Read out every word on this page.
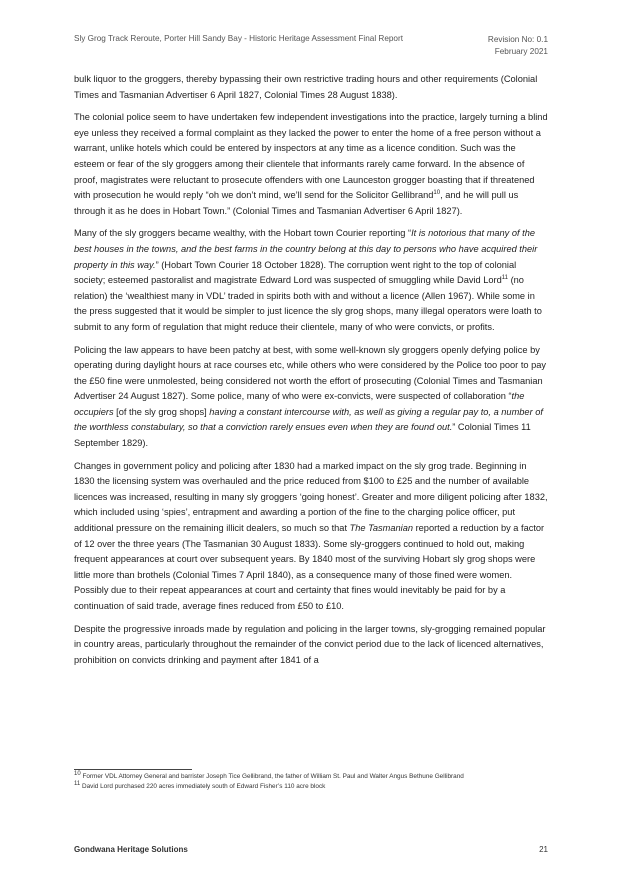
Sly Grog Track Reroute, Porter Hill Sandy Bay - Historic Heritage Assessment Final Report	Revision No: 0.1
February 2021

bulk liquor to the groggers, thereby bypassing their own restrictive trading hours and other requirements (Colonial Times and Tasmanian Advertiser 6 April 1827, Colonial Times 28 August 1838).

The colonial police seem to have undertaken few independent investigations into the practice, largely turning a blind eye unless they received a formal complaint as they lacked the power to enter the home of a free person without a warrant, unlike hotels which could be entered by inspectors at any time as a licence condition. Such was the esteem or fear of the sly groggers among their clientele that informants rarely came forward. In the absence of proof, magistrates were reluctant to prosecute offenders with one Launceston grogger boasting that if threatened with prosecution he would reply “oh we don’t mind, we’ll send for the Solicitor Gellibrand$^{10}$, and he will pull us through it as he does in Hobart Town.” (Colonial Times and Tasmanian Advertiser 6 April 1827).

Many of the sly groggers became wealthy, with the Hobart town Courier reporting “It is notorious that many of the best houses in the towns, and the best farms in the country belong at this day to persons who have acquired their property in this way.” (Hobart Town Courier 18 October 1828). The corruption went right to the top of colonial society; esteemed pastoralist and magistrate Edward Lord was suspected of smuggling while David Lord$^{11}$ (no relation) the ‘wealthiest many in VDL’ traded in spirits both with and without a licence (Allen 1967). While some in the press suggested that it would be simpler to just licence the sly grog shops, many illegal operators were loath to submit to any form of regulation that might reduce their clientele, many of who were convicts, or profits.

Policing the law appears to have been patchy at best, with some well-known sly groggers openly defying police by operating during daylight hours at race courses etc, while others who were considered by the Police too poor to pay the £50 fine were unmolested, being considered not worth the effort of prosecuting (Colonial Times and Tasmanian Advertiser 24 August 1827). Some police, many of who were ex-convicts, were suspected of collaboration “the occupiers [of the sly grog shops] having a constant intercourse with, as well as giving a regular pay to, a number of the worthless constabulary, so that a conviction rarely ensues even when they are found out.” Colonial Times 11 September 1829).

Changes in government policy and policing after 1830 had a marked impact on the sly grog trade. Beginning in 1830 the licensing system was overhauled and the price reduced from $100 to £25 and the number of available licences was increased, resulting in many sly groggers ‘going honest’. Greater and more diligent policing after 1832, which included using ‘spies’, entrapment and awarding a portion of the fine to the charging police officer, put additional pressure on the remaining illicit dealers, so much so that The Tasmanian reported a reduction by a factor of 12 over the three years (The Tasmanian 30 August 1833). Some sly-groggers continued to hold out, making frequent appearances at court over subsequent years. By 1840 most of the surviving Hobart sly grog shops were little more than brothels (Colonial Times 7 April 1840), as a consequence many of those fined were women. Possibly due to their repeat appearances at court and certainty that fines would inevitably be paid for by a continuation of said trade, average fines reduced from £50 to £10.

Despite the progressive inroads made by regulation and policing in the larger towns, sly-grogging remained popular in country areas, particularly throughout the remainder of the convict period due to the lack of licenced alternatives, prohibition on convicts drinking and payment after 1841 of a

$^{10}$ Former VDL Attorney General and barrister Joseph Tice Gellibrand, the father of William St. Paul and Walter Angus Bethune Gellibrand
$^{11}$ David Lord purchased 220 acres immediately south of Edward Fisher’s 110 acre block
Gondwana Heritage Solutions	21
